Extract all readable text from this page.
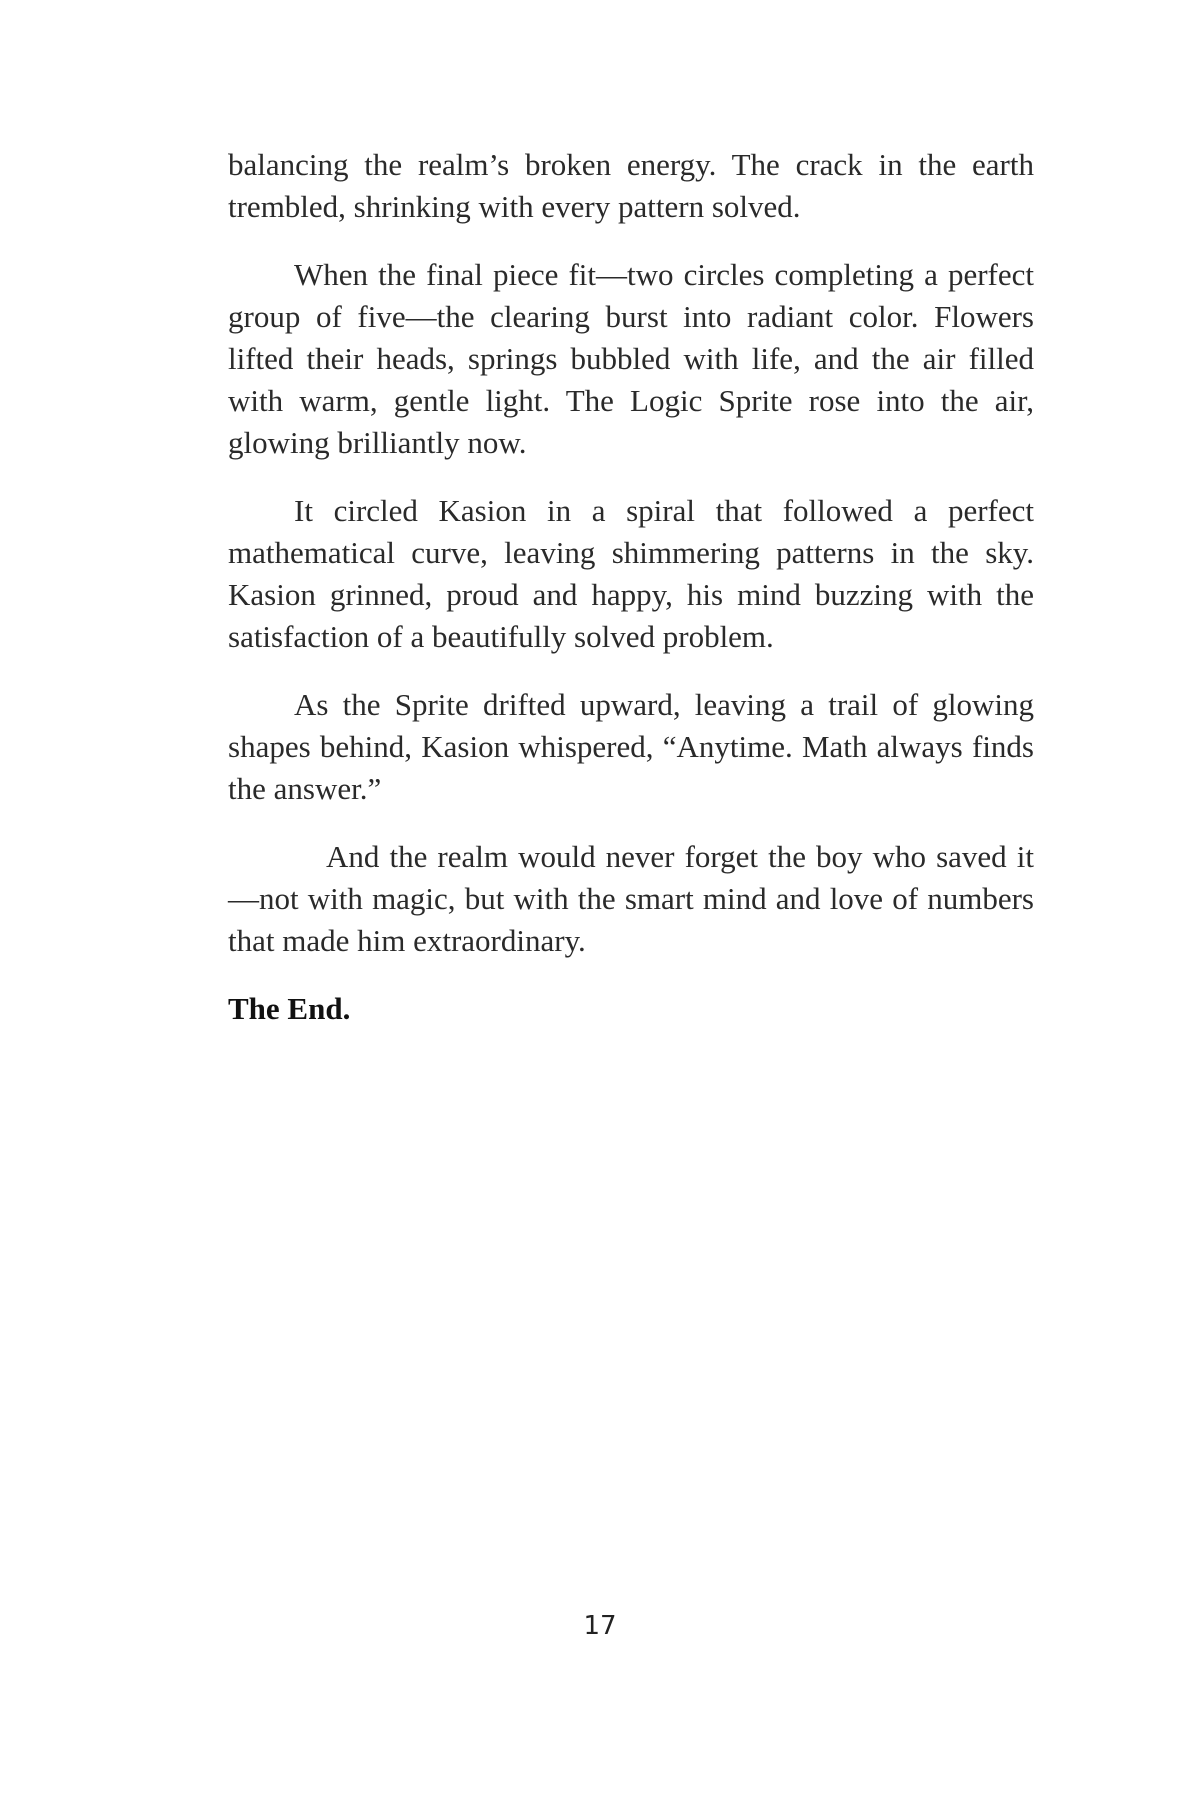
balancing the realm’s broken energy. The crack in the earth trembled, shrinking with every pattern solved.

When the final piece fit—two circles completing a perfect group of five—the clearing burst into radiant color. Flowers lifted their heads, springs bubbled with life, and the air filled with warm, gentle light. The Logic Sprite rose into the air, glowing brilliantly now.

It circled Kasion in a spiral that followed a perfect mathematical curve, leaving shimmering patterns in the sky. Kasion grinned, proud and happy, his mind buzzing with the satisfaction of a beautifully solved problem.

As the Sprite drifted upward, leaving a trail of glowing shapes behind, Kasion whispered, “Anytime. Math always finds the answer.”

And the realm would never forget the boy who saved it—not with magic, but with the smart mind and love of numbers that made him extraordinary.

The End.

17
